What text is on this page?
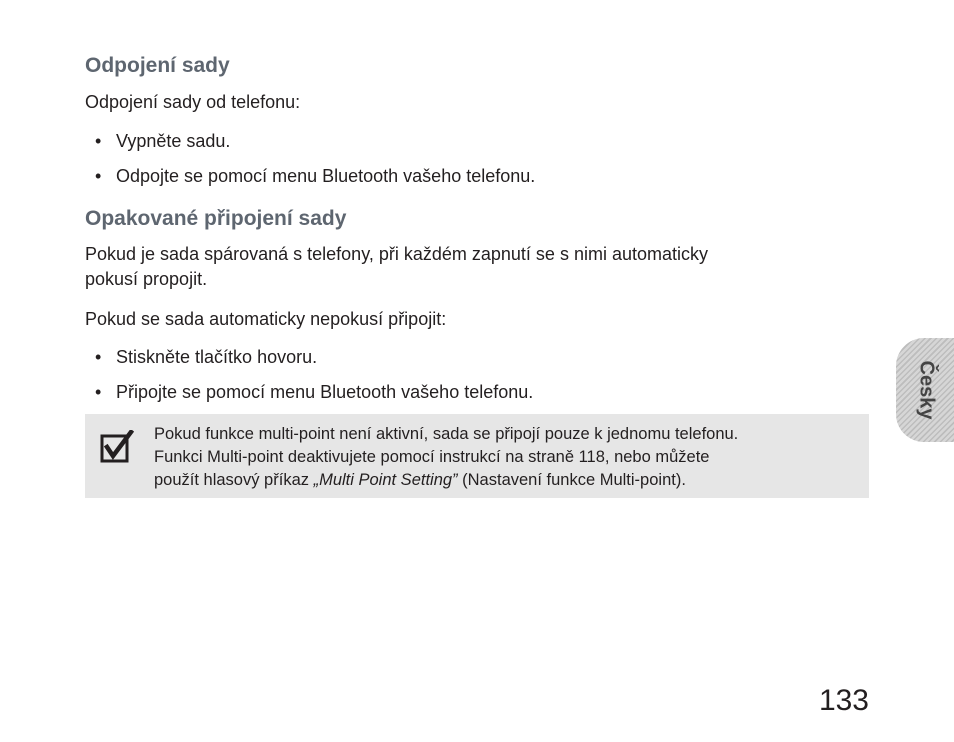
Odpojení sady
Odpojení sady od telefonu:
• Vypněte sadu.
• Odpojte se pomocí menu Bluetooth vašeho telefonu.
Opakované připojení sady
Pokud je sada spárovaná s telefony, při každém zapnutí se s nimi automaticky
pokusí propojit.
Pokud se sada automaticky nepokusí připojit:
• Stiskněte tlačítko hovoru.
• Připojte se pomocí menu Bluetooth vašeho telefonu.
Pokud funkce multi-point není aktivní, sada se připojí pouze k jednomu telefonu.
Funkci Multi-point deaktivujete pomocí instrukcí na straně 118, nebo můžete
použít hlasový příkaz „Multi Point Setting” (Nastavení funkce Multi-point).
Česky
133
